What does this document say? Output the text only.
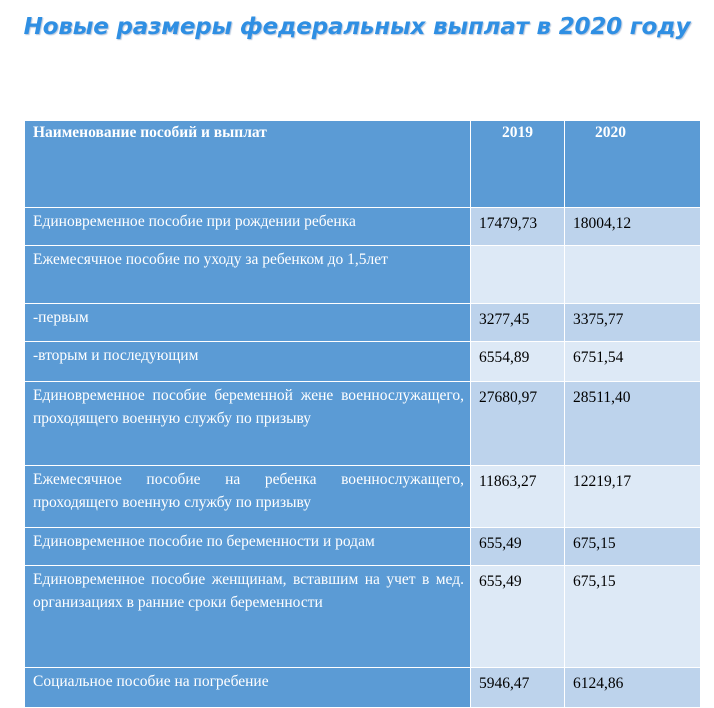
Новые размеры федеральных выплат в 2020 году
Наименование пособий и выплат	2019	2020
Единовременное пособие при рождении ребенка	17479,73	18004,12
Ежемесячное пособие по уходу за ребенком до 1,5лет		
-первым	3277,45	3375,77
-вторым и последующим	6554,89	6751,54
Единовременное пособие беременной жене военнослужащего, проходящего военную службу по призыву	27680,97	28511,40
Ежемесячное пособие на ребенка военнослужащего, проходящего военную службу по призыву	11863,27	12219,17
Единовременное пособие по беременности и родам	655,49	675,15
Единовременное пособие женщинам, вставшим на учет в мед. организациях в ранние сроки беременности	655,49	675,15
Социальное пособие на погребение	5946,47	6124,86
